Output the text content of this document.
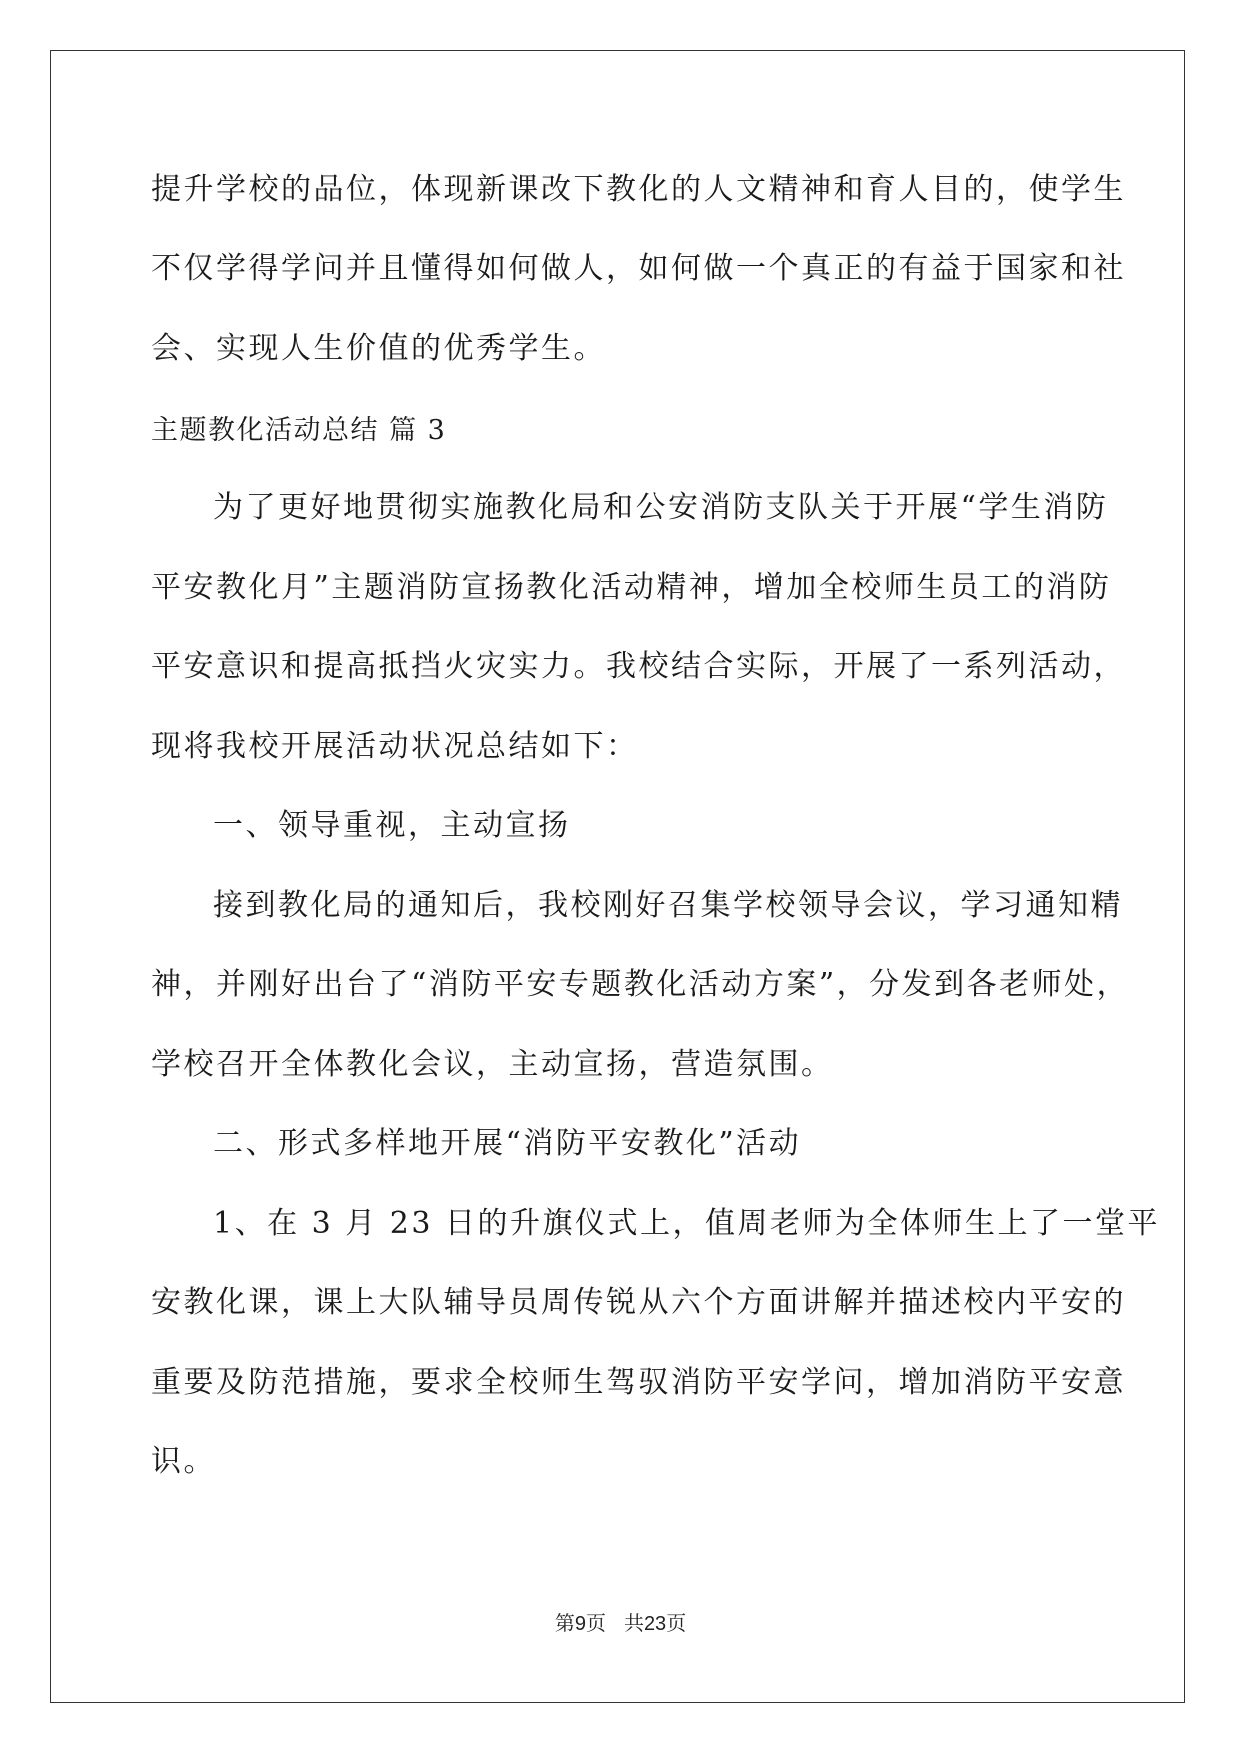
提升学校的品位，体现新课改下教化的人文精神和育人目的，使学生
不仅学得学问并且懂得如何做人，如何做一个真正的有益于国家和社
会、实现人生价值的优秀学生。
主题教化活动总结 篇 3
为了更好地贯彻实施教化局和公安消防支队关于开展“学生消防
平安教化月”主题消防宣扬教化活动精神，增加全校师生员工的消防
平安意识和提高抵挡火灾实力。我校结合实际，开展了一系列活动，
现将我校开展活动状况总结如下：
一、领导重视，主动宣扬
接到教化局的通知后，我校刚好召集学校领导会议，学习通知精
神，并刚好出台了“消防平安专题教化活动方案”，分发到各老师处，
学校召开全体教化会议，主动宣扬，营造氛围。
二、形式多样地开展“消防平安教化”活动
1、在 3 月 23 日的升旗仪式上，值周老师为全体师生上了一堂平
安教化课，课上大队辅导员周传锐从六个方面讲解并描述校内平安的
重要及防范措施，要求全校师生驾驭消防平安学问，增加消防平安意
识。
第9页 共23页
